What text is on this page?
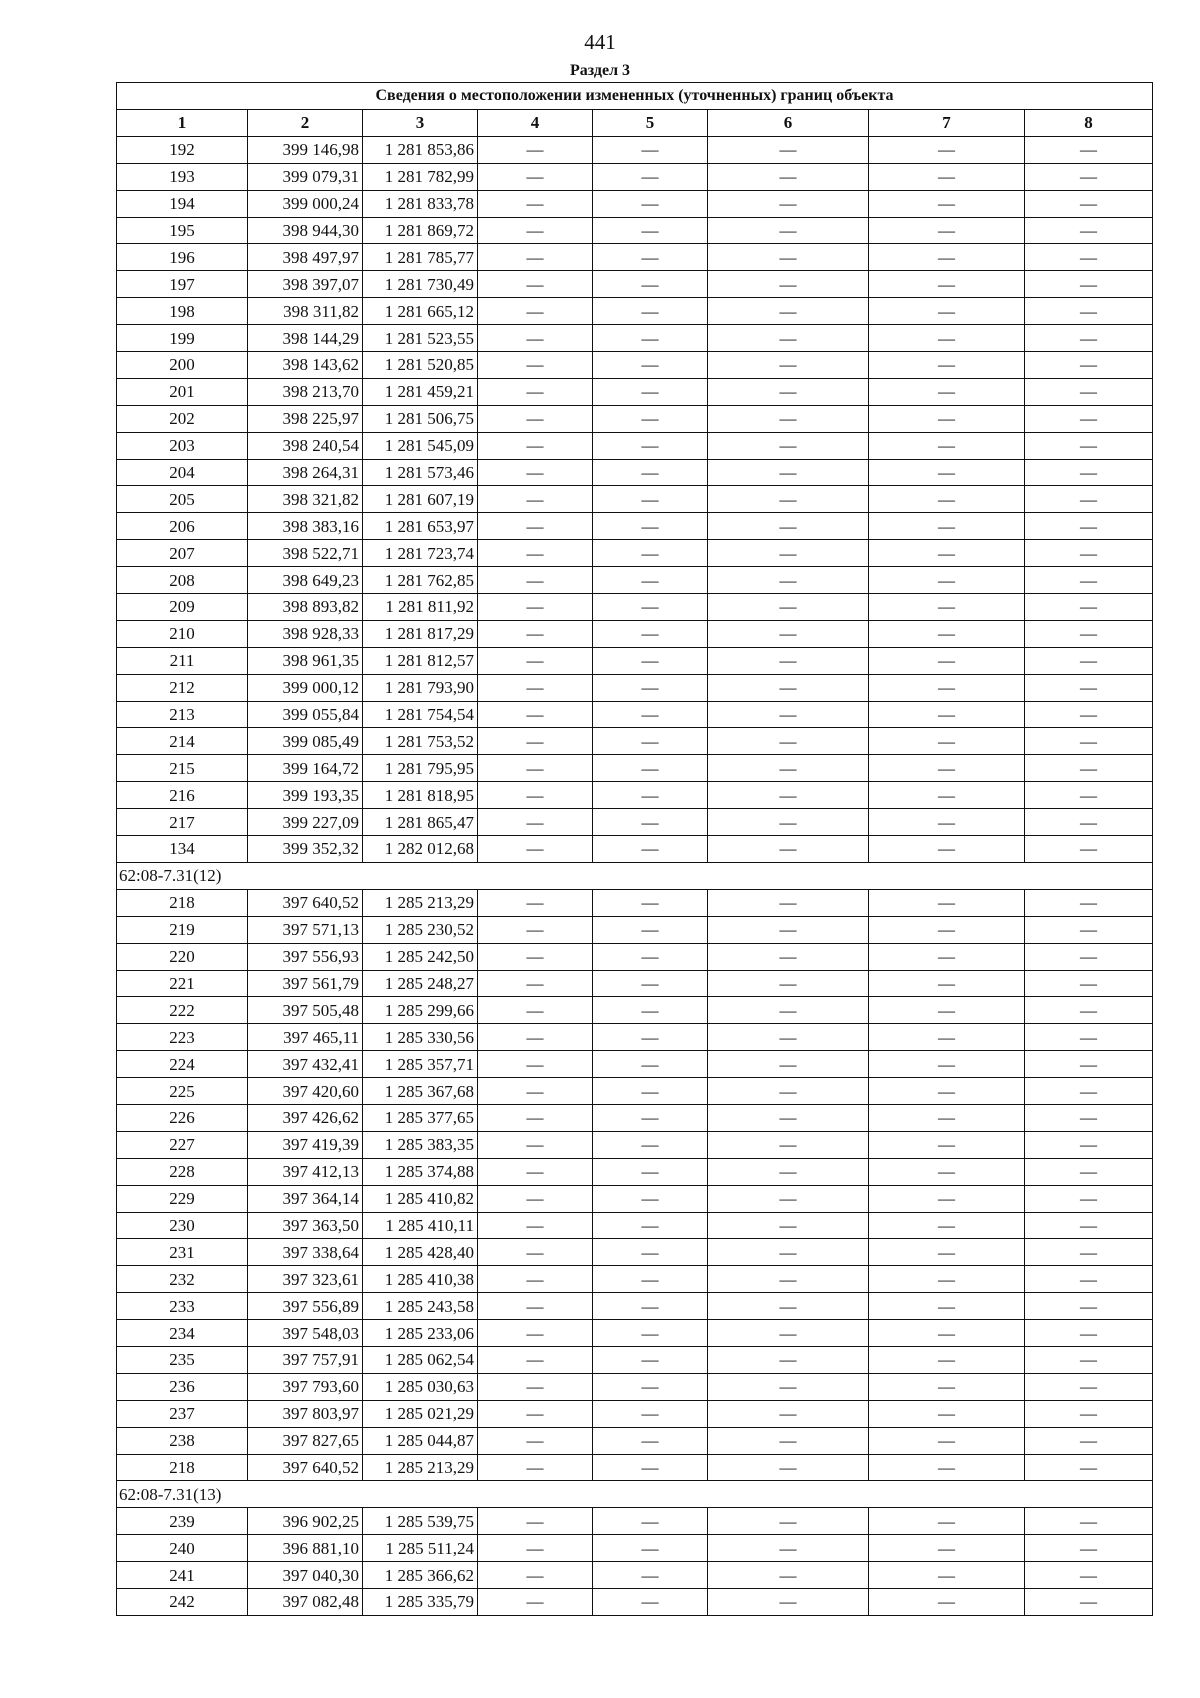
441
Раздел 3
Сведения о местоположении измененных (уточненных) границ объекта							
1	2	3	4	5	6	7	8
192	399 146,98	1 281 853,86	—	—	—	—	—
193	399 079,31	1 281 782,99	—	—	—	—	—
194	399 000,24	1 281 833,78	—	—	—	—	—
195	398 944,30	1 281 869,72	—	—	—	—	—
196	398 497,97	1 281 785,77	—	—	—	—	—
197	398 397,07	1 281 730,49	—	—	—	—	—
198	398 311,82	1 281 665,12	—	—	—	—	—
199	398 144,29	1 281 523,55	—	—	—	—	—
200	398 143,62	1 281 520,85	—	—	—	—	—
201	398 213,70	1 281 459,21	—	—	—	—	—
202	398 225,97	1 281 506,75	—	—	—	—	—
203	398 240,54	1 281 545,09	—	—	—	—	—
204	398 264,31	1 281 573,46	—	—	—	—	—
205	398 321,82	1 281 607,19	—	—	—	—	—
206	398 383,16	1 281 653,97	—	—	—	—	—
207	398 522,71	1 281 723,74	—	—	—	—	—
208	398 649,23	1 281 762,85	—	—	—	—	—
209	398 893,82	1 281 811,92	—	—	—	—	—
210	398 928,33	1 281 817,29	—	—	—	—	—
211	398 961,35	1 281 812,57	—	—	—	—	—
212	399 000,12	1 281 793,90	—	—	—	—	—
213	399 055,84	1 281 754,54	—	—	—	—	—
214	399 085,49	1 281 753,52	—	—	—	—	—
215	399 164,72	1 281 795,95	—	—	—	—	—
216	399 193,35	1 281 818,95	—	—	—	—	—
217	399 227,09	1 281 865,47	—	—	—	—	—
134	399 352,32	1 282 012,68	—	—	—	—	—
62:08-7.31(12)							
218	397 640,52	1 285 213,29	—	—	—	—	—
219	397 571,13	1 285 230,52	—	—	—	—	—
220	397 556,93	1 285 242,50	—	—	—	—	—
221	397 561,79	1 285 248,27	—	—	—	—	—
222	397 505,48	1 285 299,66	—	—	—	—	—
223	397 465,11	1 285 330,56	—	—	—	—	—
224	397 432,41	1 285 357,71	—	—	—	—	—
225	397 420,60	1 285 367,68	—	—	—	—	—
226	397 426,62	1 285 377,65	—	—	—	—	—
227	397 419,39	1 285 383,35	—	—	—	—	—
228	397 412,13	1 285 374,88	—	—	—	—	—
229	397 364,14	1 285 410,82	—	—	—	—	—
230	397 363,50	1 285 410,11	—	—	—	—	—
231	397 338,64	1 285 428,40	—	—	—	—	—
232	397 323,61	1 285 410,38	—	—	—	—	—
233	397 556,89	1 285 243,58	—	—	—	—	—
234	397 548,03	1 285 233,06	—	—	—	—	—
235	397 757,91	1 285 062,54	—	—	—	—	—
236	397 793,60	1 285 030,63	—	—	—	—	—
237	397 803,97	1 285 021,29	—	—	—	—	—
238	397 827,65	1 285 044,87	—	—	—	—	—
218	397 640,52	1 285 213,29	—	—	—	—	—
62:08-7.31(13)							
239	396 902,25	1 285 539,75	—	—	—	—	—
240	396 881,10	1 285 511,24	—	—	—	—	—
241	397 040,30	1 285 366,62	—	—	—	—	—
242	397 082,48	1 285 335,79	—	—	—	—	—
